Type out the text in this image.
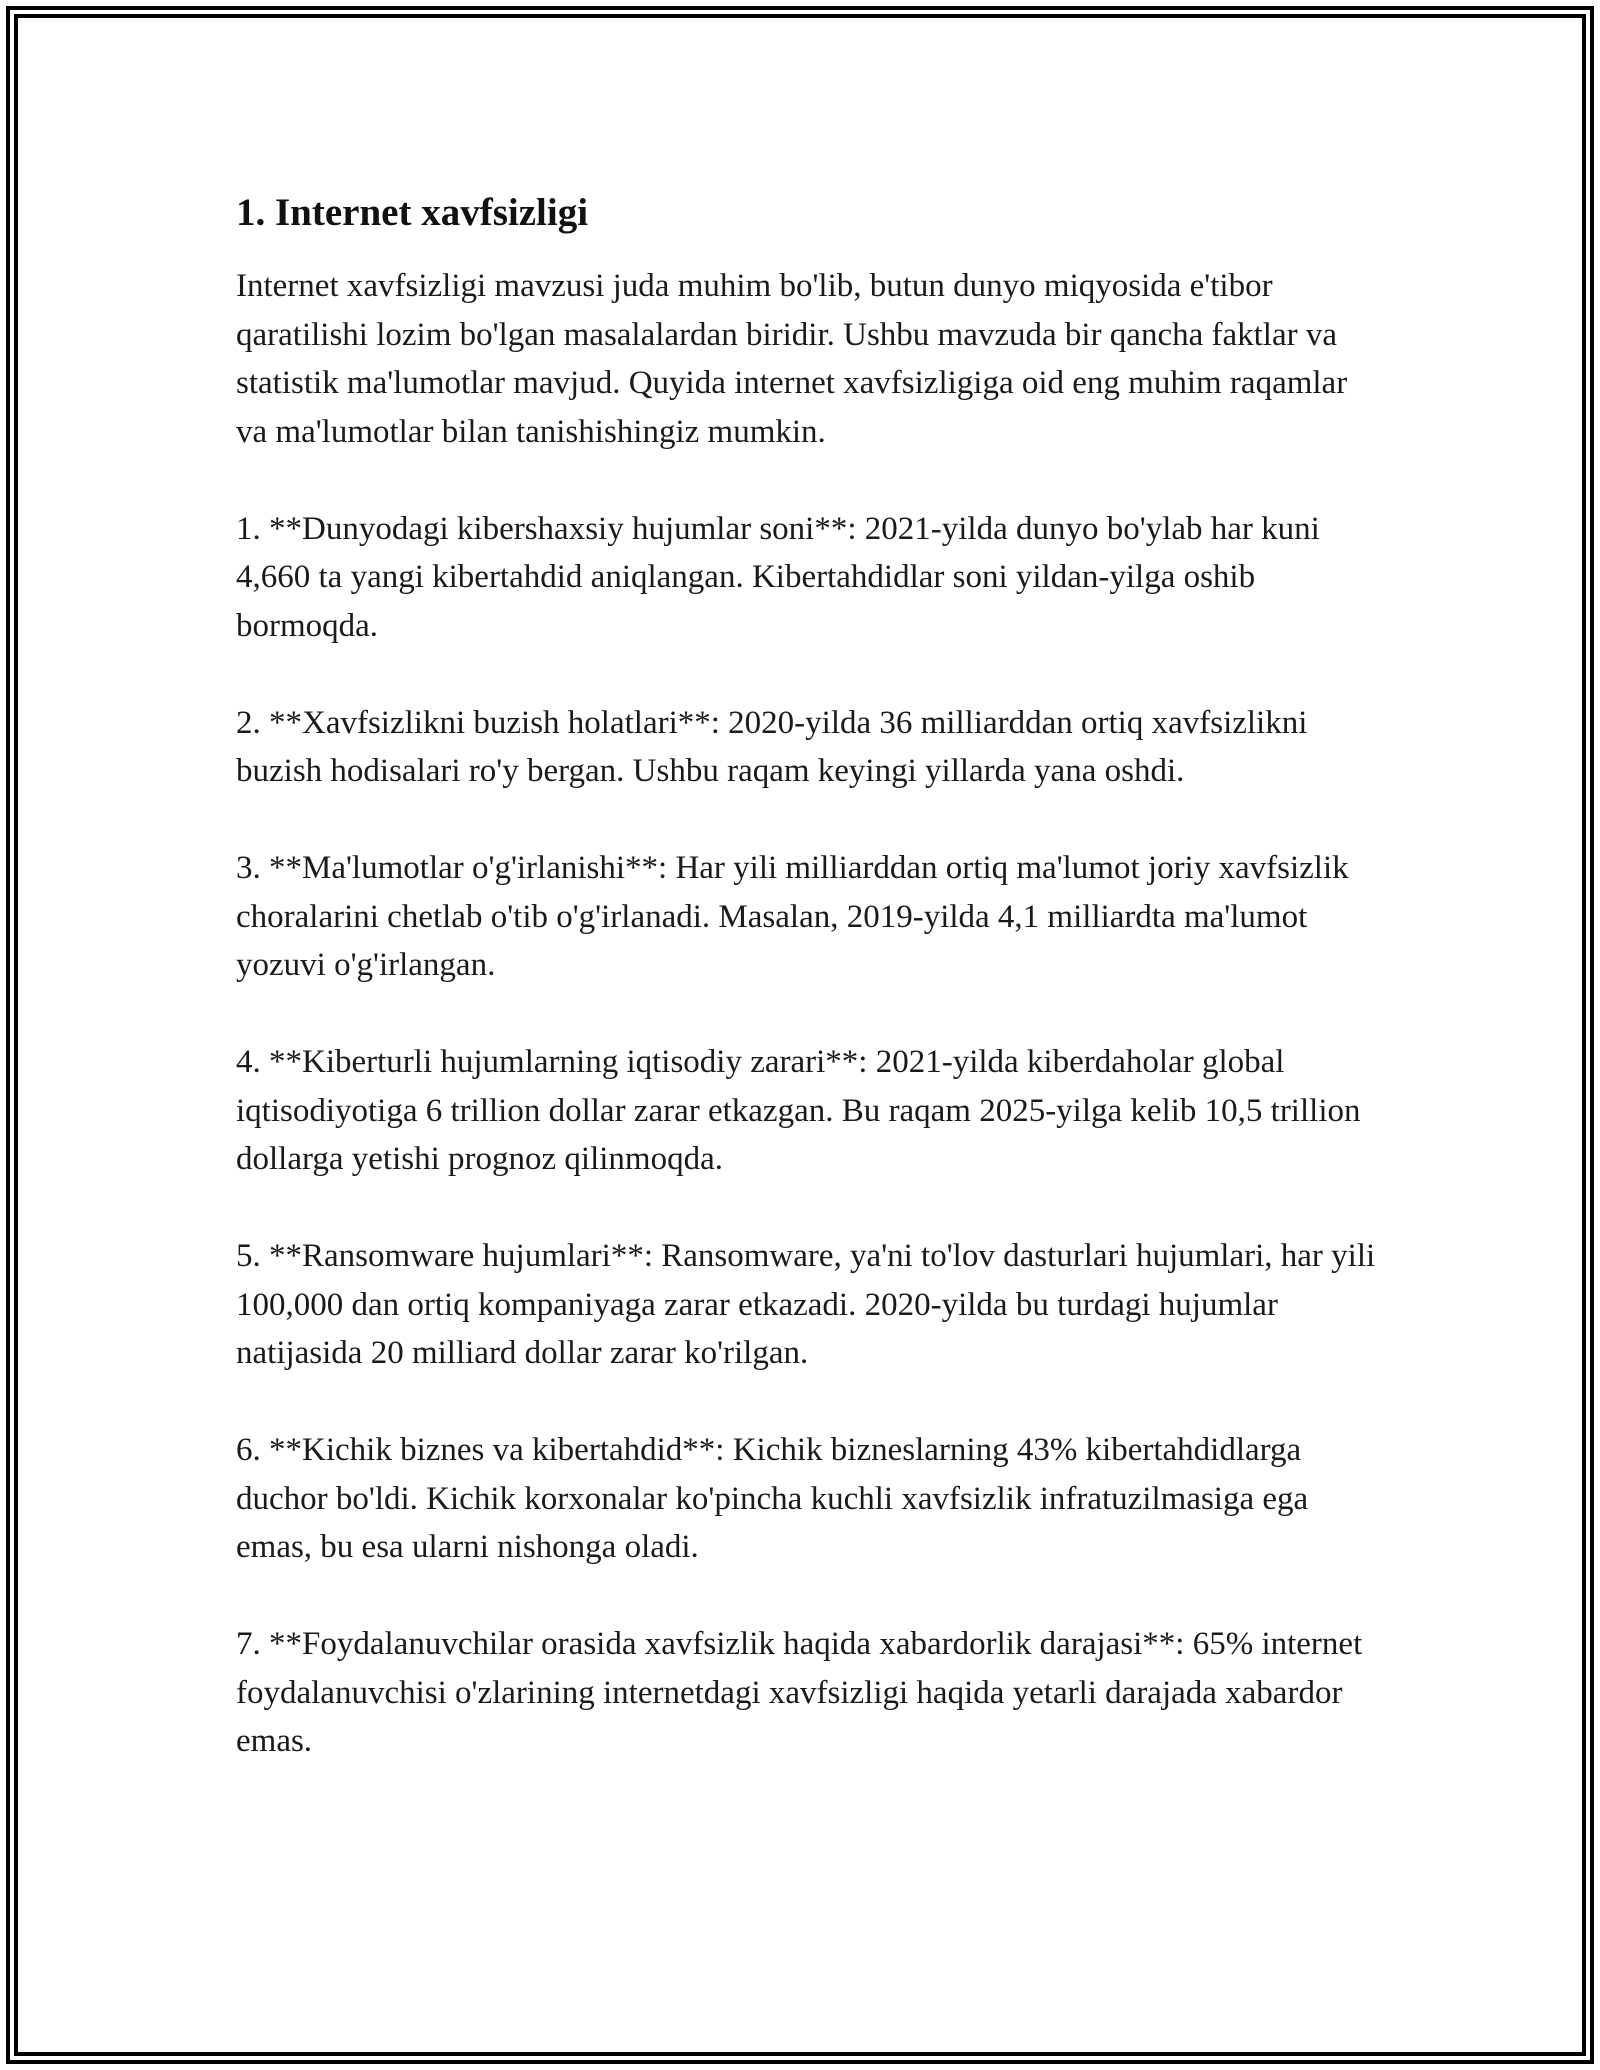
1. Internet xavfsizligi

Internet xavfsizligi mavzusi juda muhim bo'lib, butun dunyo miqyosida e'tibor qaratilishi lozim bo'lgan masalalardan biridir. Ushbu mavzuda bir qancha faktlar va statistik ma'lumotlar mavjud. Quyida internet xavfsizligiga oid eng muhim raqamlar va ma'lumotlar bilan tanishishingiz mumkin.

1. **Dunyodagi kibershaxsiy hujumlar soni**: 2021-yilda dunyo bo'ylab har kuni 4,660 ta yangi kibertahdid aniqlangan. Kibertahdidlar soni yildan-yilga oshib bormoqda.

2. **Xavfsizlikni buzish holatlari**: 2020-yilda 36 milliarddan ortiq xavfsizlikni buzish hodisalari ro'y bergan. Ushbu raqam keyingi yillarda yana oshdi.

3. **Ma'lumotlar o'g'irlanishi**: Har yili milliarddan ortiq ma'lumot joriy xavfsizlik choralarini chetlab o'tib o'g'irlanadi. Masalan, 2019-yilda 4,1 milliardta ma'lumot yozuvi o'g'irlangan.

4. **Kiberturli hujumlarning iqtisodiy zarari**: 2021-yilda kiberdaholar global iqtisodiyotiga 6 trillion dollar zarar etkazgan. Bu raqam 2025-yilga kelib 10,5 trillion dollarga yetishi prognoz qilinmoqda.

5. **Ransomware hujumlari**: Ransomware, ya'ni to'lov dasturlari hujumlari, har yili 100,000 dan ortiq kompaniyaga zarar etkazadi. 2020-yilda bu turdagi hujumlar natijasida 20 milliard dollar zarar ko'rilgan.

6. **Kichik biznes va kibertahdid**: Kichik bizneslarning 43% kibertahdidlarga duchor bo'ldi. Kichik korxonalar ko'pincha kuchli xavfsizlik infratuzilmasiga ega emas, bu esa ularni nishonga oladi.

7. **Foydalanuvchilar orasida xavfsizlik haqida xabardorlik darajasi**: 65% internet foydalanuvchisi o'zlarining internetdagi xavfsizligi haqida yetarli darajada xabardor emas.
